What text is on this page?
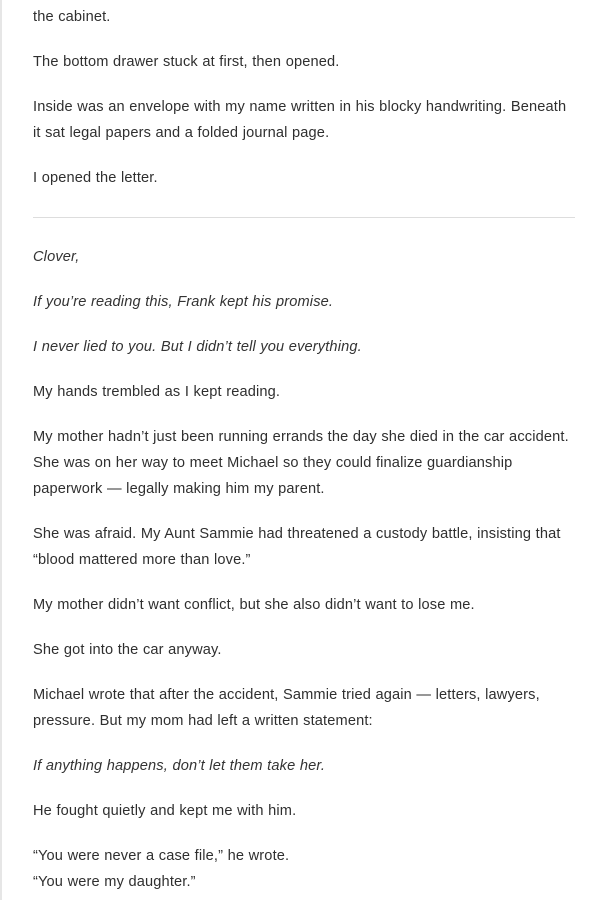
the cabinet.

The bottom drawer stuck at first, then opened.

Inside was an envelope with my name written in his blocky handwriting. Beneath it sat legal papers and a folded journal page.

I opened the letter.

Clover,

If you’re reading this, Frank kept his promise.

I never lied to you. But I didn’t tell you everything.

My hands trembled as I kept reading.

My mother hadn’t just been running errands the day she died in the car accident. She was on her way to meet Michael so they could finalize guardianship paperwork — legally making him my parent.

She was afraid. My Aunt Sammie had threatened a custody battle, insisting that “blood mattered more than love.”

My mother didn’t want conflict, but she also didn’t want to lose me.

She got into the car anyway.

Michael wrote that after the accident, Sammie tried again — letters, lawyers, pressure. But my mom had left a written statement:

If anything happens, don’t let them take her.

He fought quietly and kept me with him.

“You were never a case file,” he wrote.

“You were my daughter.”
